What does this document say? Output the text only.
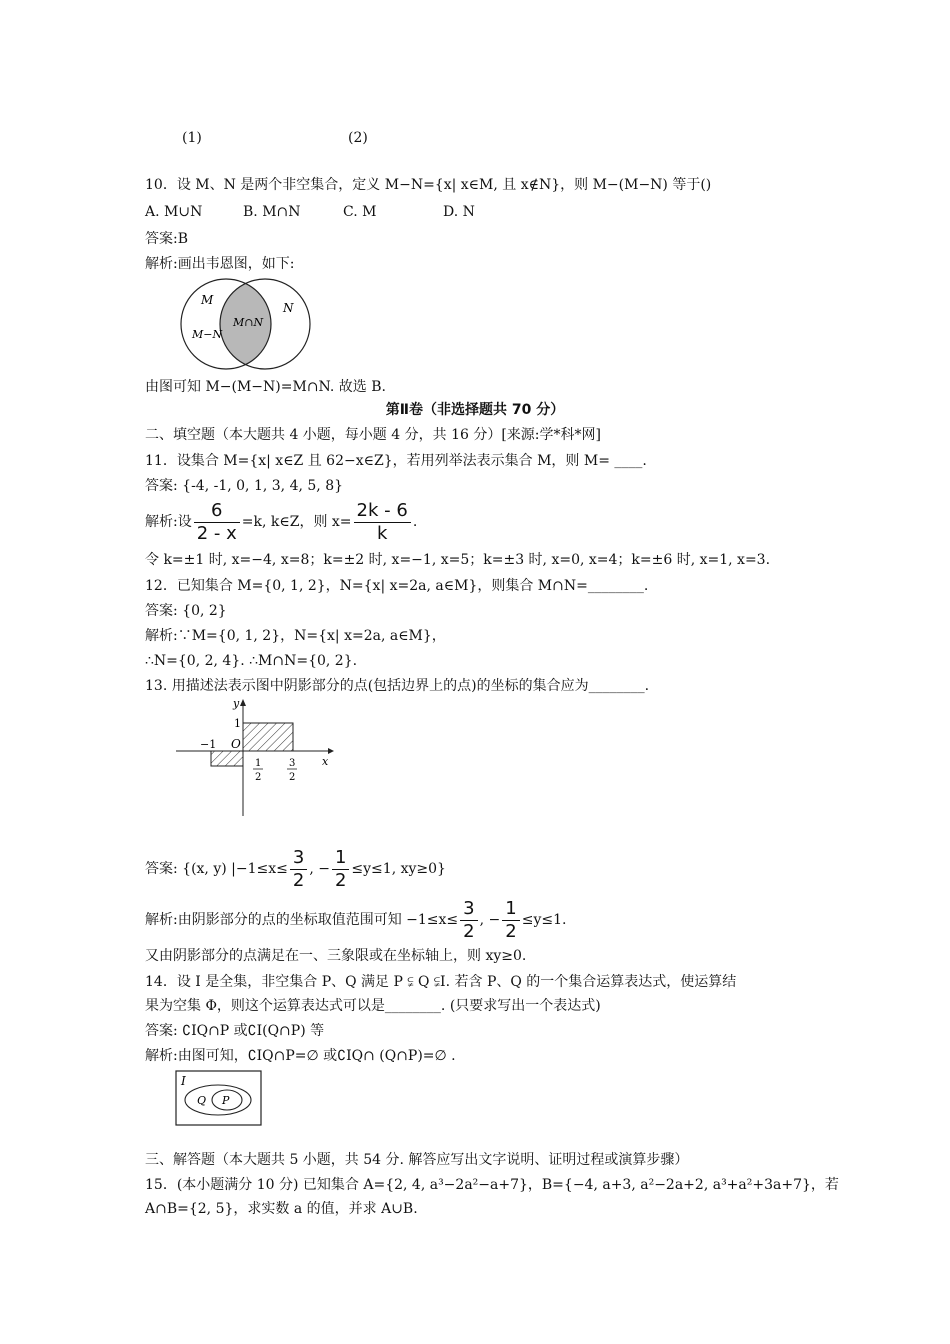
(1)	(2)
10．设 M、N 是两个非空集合，定义 M−N={x| x∈M, 且 x∉N}，则 M−(M−N) 等于()
A. M∪N	B. M∩N	C. M	D. N
答案:B
解析:画出韦恩图，如下:
M
N
M−N
M∩N
由图可知 M−(M−N)=M∩N. 故选 B.
第Ⅱ卷（非选择题共 70 分）
二、填空题（本大题共 4 小题，每小题 4 分，共 16 分）[来源:学*科*网]
11．设集合 M={x| x∈Z 且 62−x∈Z}，若用列举法表示集合 M，则 M= ____.
答案: {-4, -1, 0, 1, 3, 4, 5, 8}
解析:设 $\frac{6}{2 - x} =k$, k∈Z，则 $x= \frac{2k - 6}{k}$ .
令 k=±1 时, x=−4, x=8；k=±2 时, x=−1, x=5；k=±3 时, x=0, x=4；k=±6 时, x=1, x=3.
12．已知集合 M={0, 1, 2}，N={x| x=2a, a∈M}，则集合 M∩N=________.
答案: {0, 2}
解析:∵M={0, 1, 2}，N={x| x=2a, a∈M}，
∴N={0, 2, 4}. ∴M∩N={0, 2}.
13. 用描述法表示图中阴影部分的点(包括边界上的点)的坐标的集合应为________.
y
x
O
1
−1
1
2
3
2
答案: {(x, y) $|-1\le x\le \frac{3}{2}$ , − $\frac{1}{2} \le y\le 1$, xy≥0}
解析:由阴影部分的点的坐标取值范围可知 $-1\le x\le \frac{3}{2}$ , − $\frac{1}{2} \le y\le 1$.
又由阴影部分的点满足在一、三象限或在坐标轴上，则 xy≥0.
14．设 I 是全集，非空集合 P、Q 满足 P ⫋ Q ⫋I. 若含 P、Q 的一个集合运算表达式，使运算结
果为空集 Φ，则这个运算表达式可以是________. (只要求写出一个表达式)
答案: ∁IQ∩P 或∁I(Q∩P) 等
解析:由图可知，∁IQ∩P=∅ 或∁IQ∩ (Q∩P)=∅ .
I
Q P
三、解答题（本大题共 5 小题，共 54 分. 解答应写出文字说明、证明过程或演算步骤）
15．(本小题满分 10 分) 已知集合 A={2, 4, a³−2a²−a+7}，B={−4, a+3, a²−2a+2, a³+a²+3a+7}，若
A∩B={2, 5}，求实数 a 的值，并求 A∪B.
